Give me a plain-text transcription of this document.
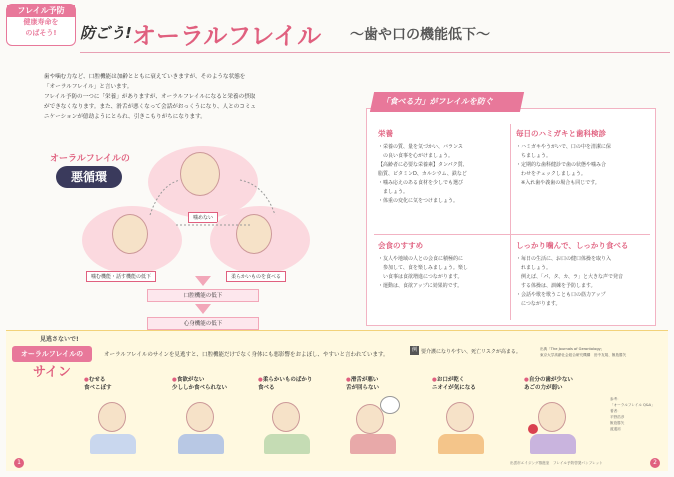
フレイル予防
健康寿命を
のばそう!	防ごう! オーラルフレイル 〜歯や口の機能低下〜

歯や噛む力など、口腔機能は加齢とともに衰えていきますが、そのような状態を

「オーラルフレイル」と言います。

フレイル予防の一つに「栄養」がありますが、オーラルフレイルになると栄養の摂取

ができなくなります。また、滑舌が悪くなって会話がおっくうになり、人とのコミュ

ニケーションが億劫ようにとられ、引きこもりがちになります。

オーラルフレイルの
悪循環
噛めない
噛む機能・話す機能の低下	柔らかいものを食べる
口腔機能の低下
心身機能の低下
「食べる力」がフレイルを防ぐ
栄養
・栄養の質、量を気づかい、バランス
　の良い食事を心がけましょう。
【高齢者に必要な栄養素】タンパク質、
脂質、ビタミンD、カルシウム、鉄など
・噛み応えのある食材を少しでも選び
　ましょう。
・体重の変化に気をつけましょう。
毎日のハミガキと歯科検診
・ハミガキやうがいで、口の中を清潔に保
　ちましょう。
・定期的な歯科健診で歯の状態や噛み合
　わせをチェックしましょう。
　※入れ歯や義歯の場合も同じです。
会食のすすめ
・友人や地域の人との会食に積極的に
　参加して、食を楽しみましょう。楽し
　い食事は食欲増進につながります。
・運動は、食欲アップに効果的です。
しっかり噛んで、しっかり食べる
・毎日の生活に、お口の健口体操を取り入
　れましょう。
　例えば、「パ、タ、カ、ラ」と大きな声で発音
　する体操は、訓練を予防します。
・会話や歌を歌うことも口の筋力アップ
　につながります。
見逃さないで!
オーラルフレイルの
サイン
オーラルフレイルのサインを見逃すと、口腔機能だけでなく身体にも悪影響をおよぼし、やすいと言われています。
例 要介護になりやすい、死亡リスクが高まる。	出典「The Journals of Gerontology」
東京大学高齢社会総合研究機構　田中友規、飯島勝矢
●むせる
食べこぼす
●食欲がない
少ししか食べられない
●柔らかいものばかり
食べる
●滑舌が悪い
舌が回らない
●お口が乾く
ニオイが気になる
●自分の歯が少ない
あごの力が弱い
参考：
「オーラルフレイル Q&A」
著者：
平野浩彦
飯島勝矢
渡邊裕
1	2
出雲市エイジング推進室　フレイル予防啓発パンフレット
